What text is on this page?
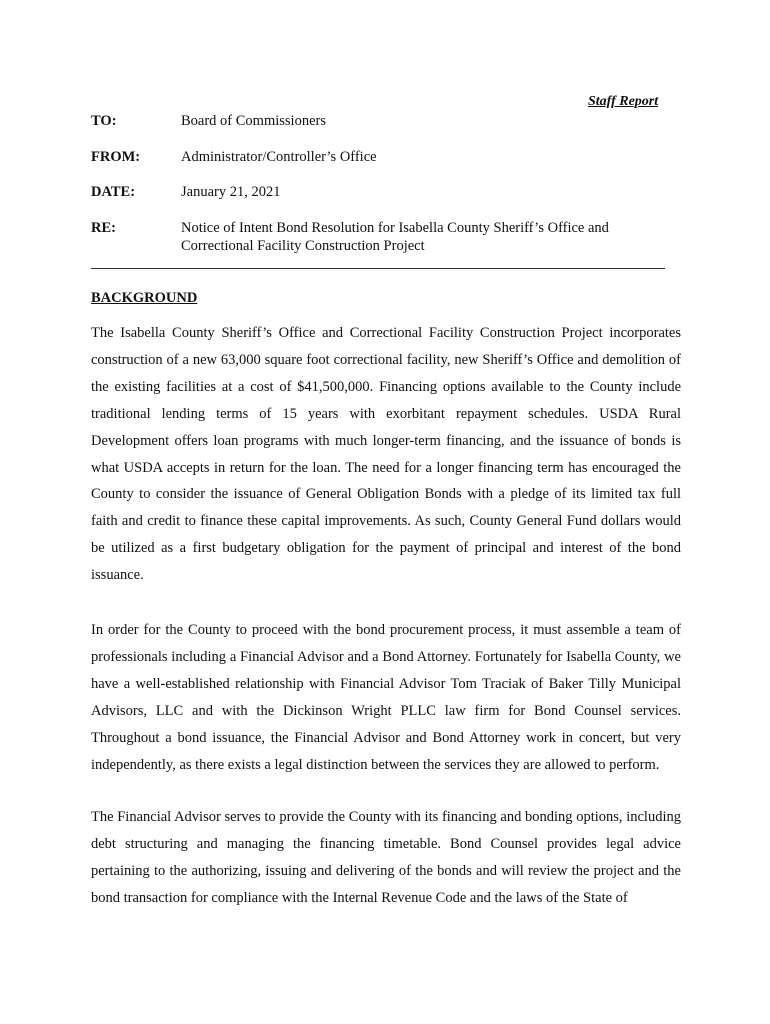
Staff Report
TO:	Board of Commissioners
FROM:	Administrator/Controller’s Office
DATE:	January 21, 2021
RE:	Notice of Intent Bond Resolution for Isabella County Sheriff’s Office and Correctional Facility Construction Project
BACKGROUND

The Isabella County Sheriff’s Office and Correctional Facility Construction Project incorporates construction of a new 63,000 square foot correctional facility, new Sheriff’s Office and demolition of the existing facilities at a cost of $41,500,000. Financing options available to the County include traditional lending terms of 15 years with exorbitant repayment schedules. USDA Rural Development offers loan programs with much longer-term financing, and the issuance of bonds is what USDA accepts in return for the loan. The need for a longer financing term has encouraged the County to consider the issuance of General Obligation Bonds with a pledge of its limited tax full faith and credit to finance these capital improvements. As such, County General Fund dollars would be utilized as a first budgetary obligation for the payment of principal and interest of the bond issuance.

In order for the County to proceed with the bond procurement process, it must assemble a team of professionals including a Financial Advisor and a Bond Attorney. Fortunately for Isabella County, we have a well-established relationship with Financial Advisor Tom Traciak of Baker Tilly Municipal Advisors, LLC and with the Dickinson Wright PLLC law firm for Bond Counsel services. Throughout a bond issuance, the Financial Advisor and Bond Attorney work in concert, but very independently, as there exists a legal distinction between the services they are allowed to perform.

The Financial Advisor serves to provide the County with its financing and bonding options, including debt structuring and managing the financing timetable. Bond Counsel provides legal advice pertaining to the authorizing, issuing and delivering of the bonds and will review the project and the bond transaction for compliance with the Internal Revenue Code and the laws of the State of
